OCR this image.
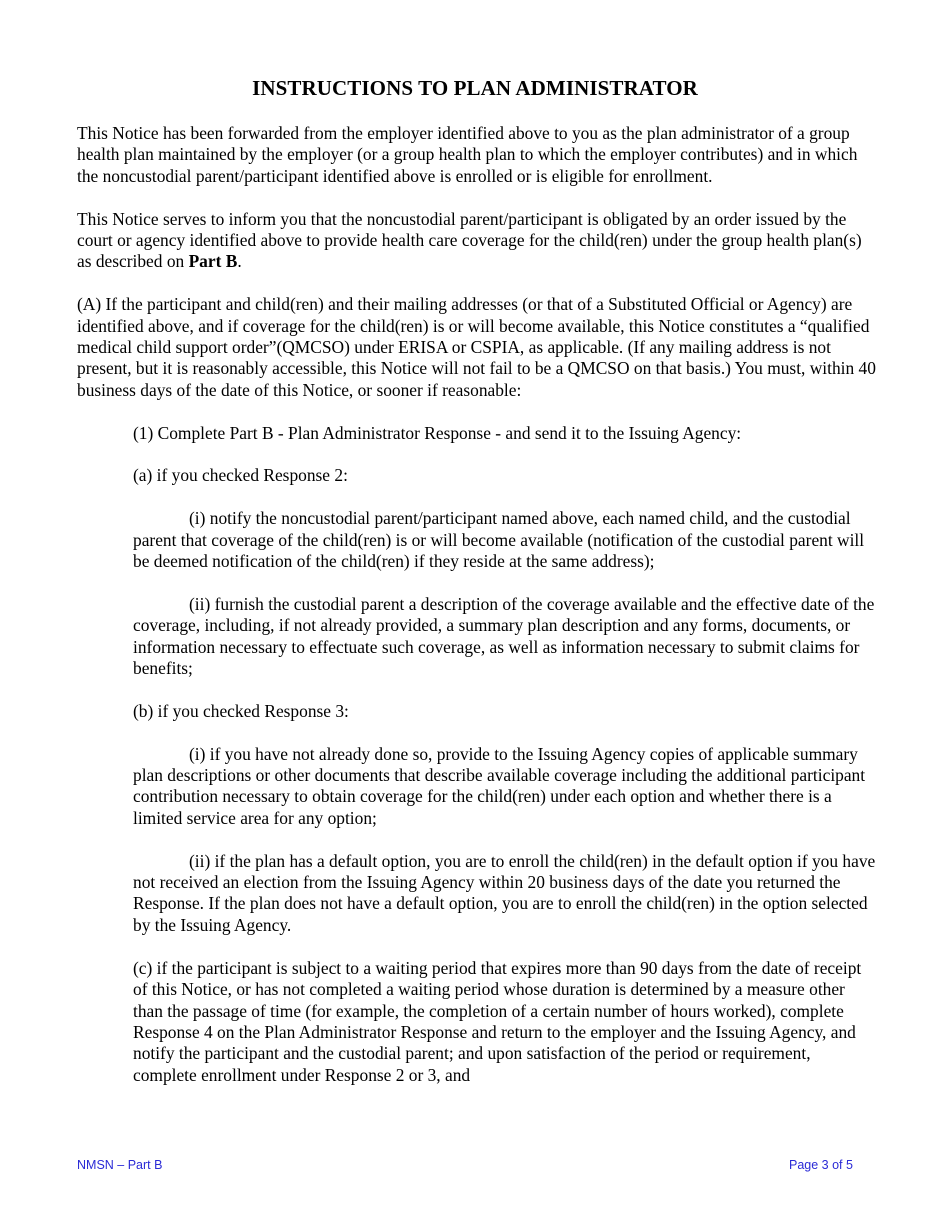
INSTRUCTIONS TO PLAN ADMINISTRATOR

This Notice has been forwarded from the employer identified above to you as the plan administrator of a group health plan maintained by the employer (or a group health plan to which the employer contributes) and in which the noncustodial parent/participant identified above is enrolled or is eligible for enrollment.

This Notice serves to inform you that the noncustodial parent/participant is obligated by an order issued by the court or agency identified above to provide health care coverage for the child(ren) under the group health plan(s) as described on Part B.

(A) If the participant and child(ren) and their mailing addresses (or that of a Substituted Official or Agency) are identified above, and if coverage for the child(ren) is or will become available, this Notice constitutes a “qualified medical child support order”(QMCSO) under ERISA or CSPIA, as applicable. (If any mailing address is not present, but it is reasonably accessible, this Notice will not fail to be a QMCSO on that basis.) You must, within 40 business days of the date of this Notice, or sooner if reasonable:

(1) Complete Part B - Plan Administrator Response - and send it to the Issuing Agency:

(a) if you checked Response 2:

(i) notify the noncustodial parent/participant named above, each named child, and the custodial parent that coverage of the child(ren) is or will become available (notification of the custodial parent will be deemed notification of the child(ren) if they reside at the same address);

(ii) furnish the custodial parent a description of the coverage available and the effective date of the coverage, including, if not already provided, a summary plan description and any forms, documents, or information necessary to effectuate such coverage, as well as information necessary to submit claims for benefits;

(b) if you checked Response 3:

(i) if you have not already done so, provide to the Issuing Agency copies of applicable summary plan descriptions or other documents that describe available coverage including the additional participant contribution necessary to obtain coverage for the child(ren) under each option and whether there is a limited service area for any option;

(ii) if the plan has a default option, you are to enroll the child(ren) in the default option if you have not received an election from the Issuing Agency within 20 business days of the date you returned the Response. If the plan does not have a default option, you are to enroll the child(ren) in the option selected by the Issuing Agency.

(c) if the participant is subject to a waiting period that expires more than 90 days from the date of receipt of this Notice, or has not completed a waiting period whose duration is determined by a measure other than the passage of time (for example, the completion of a certain number of hours worked), complete Response 4 on the Plan Administrator Response and return to the employer and the Issuing Agency, and notify the participant and the custodial parent; and upon satisfaction of the period or requirement, complete enrollment under Response 2 or 3, and

NMSN – Part B	Page 3 of 5
